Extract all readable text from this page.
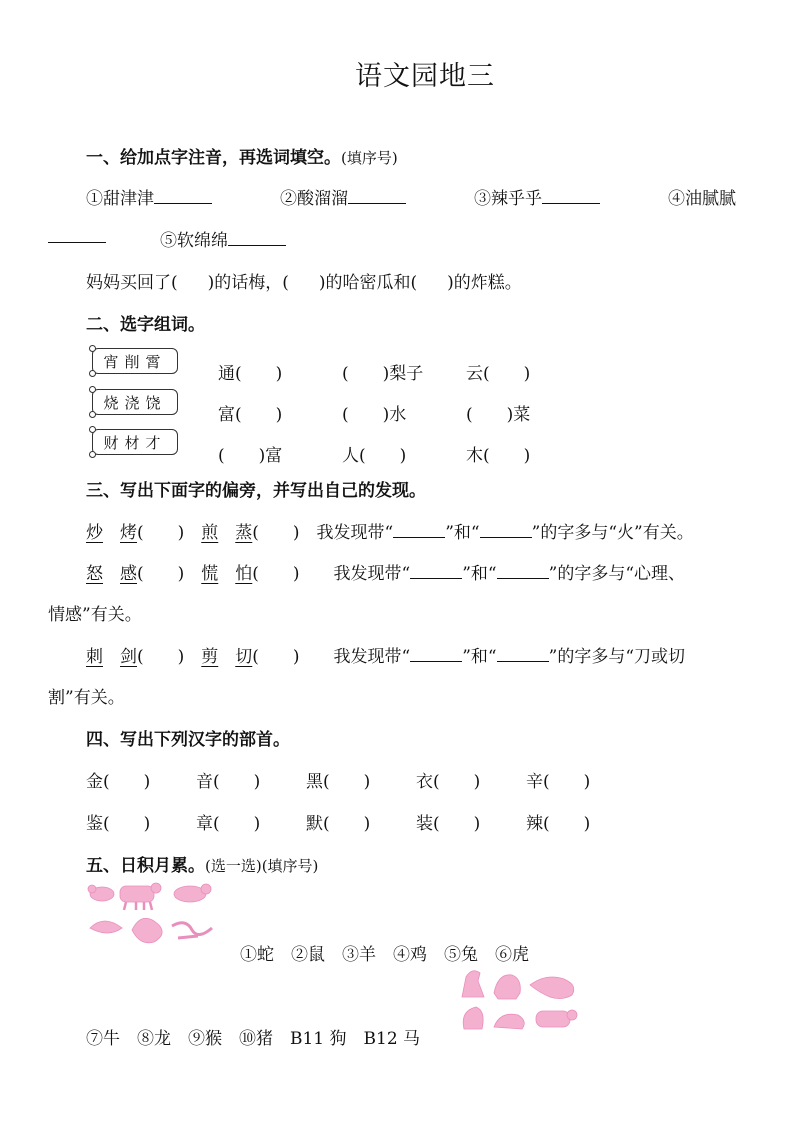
语文园地三
一、给加点字注音，再选词填空。(填序号)
①甜津津	②酸溜溜	③辣乎乎	④油腻腻
⑤软绵绵
妈妈买回了( )的话梅，( )的哈密瓜和( )的炸糕。
二、选字组词。
宵削霄
烧浇饶
财材才
通(　　)	(　　)梨子	云(　　)
富(　　)	(　　)水	(　　)菜
(　　)富	人(　　)	木(　　)
三、写出下面字的偏旁，并写出自己的发现。
炒　 烤(　　)　 煎　 蒸(　　)　 我发现带“	”和“	”的字多与“火”有关。
怒　 感(　　)　 慌　 怕(　　)　　 我发现带“	”和“	”的字多与“心理、
情感”有关。
刺　 剑(　　)　 剪　 切(　　)　　 我发现带“	”和“	”的字多与“刀或切
割”有关。
四、写出下列汉字的部首。
金(　　)	音(　　)	黑(　　)	衣(　　)	辛(　　)
鉴(　　)	章(　　)	默(　　)	装(　　)	辣(　　)
五、日积月累。(选一选)(填序号)
①蛇　 ②鼠　 ③羊　 ④鸡　 ⑤兔　 ⑥虎
⑦牛　 ⑧龙　 ⑨猴　 ⑩猪　 B11 狗　 B12 马
